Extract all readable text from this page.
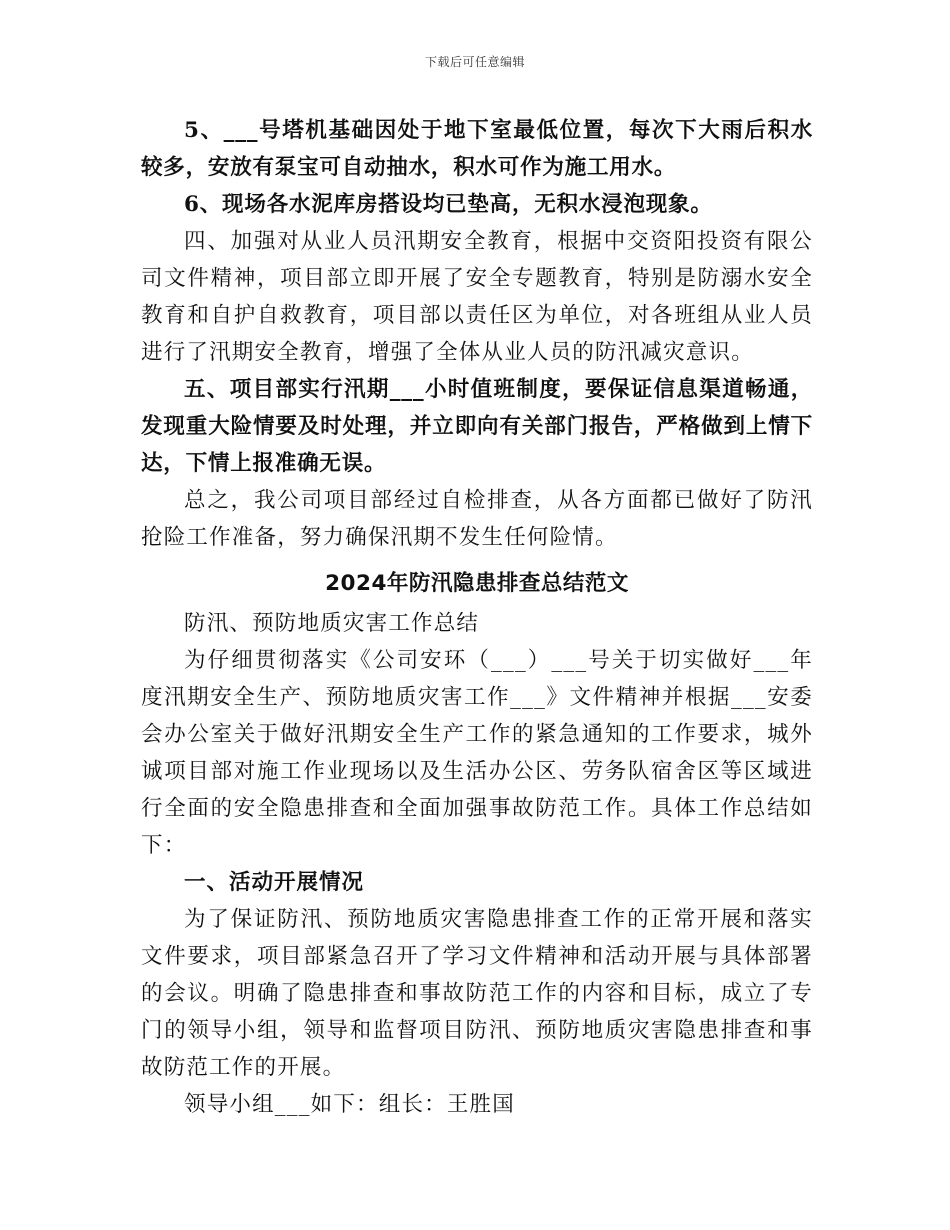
下载后可任意编辑

5、___号塔机基础因处于地下室最低位置，每次下大雨后积水较多，安放有泵宝可自动抽水，积水可作为施工用水。

6、现场各水泥库房搭设均已垫高，无积水浸泡现象。

四、加强对从业人员汛期安全教育，根据中交资阳投资有限公司文件精神，项目部立即开展了安全专题教育，特别是防溺水安全教育和自护自救教育，项目部以责任区为单位，对各班组从业人员进行了汛期安全教育，增强了全体从业人员的防汛减灾意识。

五、项目部实行汛期___小时值班制度，要保证信息渠道畅通，发现重大险情要及时处理，并立即向有关部门报告，严格做到上情下达，下情上报准确无误。

总之，我公司项目部经过自检排查，从各方面都已做好了防汛抢险工作准备，努力确保汛期不发生任何险情。

2024年防汛隐患排查总结范文

防汛、预防地质灾害工作总结

为仔细贯彻落实《公司安环（___）___号关于切实做好___年度汛期安全生产、预防地质灾害工作___》文件精神并根据___安委会办公室关于做好汛期安全生产工作的紧急通知的工作要求，城外诚项目部对施工作业现场以及生活办公区、劳务队宿舍区等区域进行全面的安全隐患排查和全面加强事故防范工作。具体工作总结如下：

一、活动开展情况

为了保证防汛、预防地质灾害隐患排查工作的正常开展和落实文件要求，项目部紧急召开了学习文件精神和活动开展与具体部署的会议。明确了隐患排查和事故防范工作的内容和目标，成立了专门的领导小组，领导和监督项目防汛、预防地质灾害隐患排查和事故防范工作的开展。

领导小组___如下：组长：王胜国
